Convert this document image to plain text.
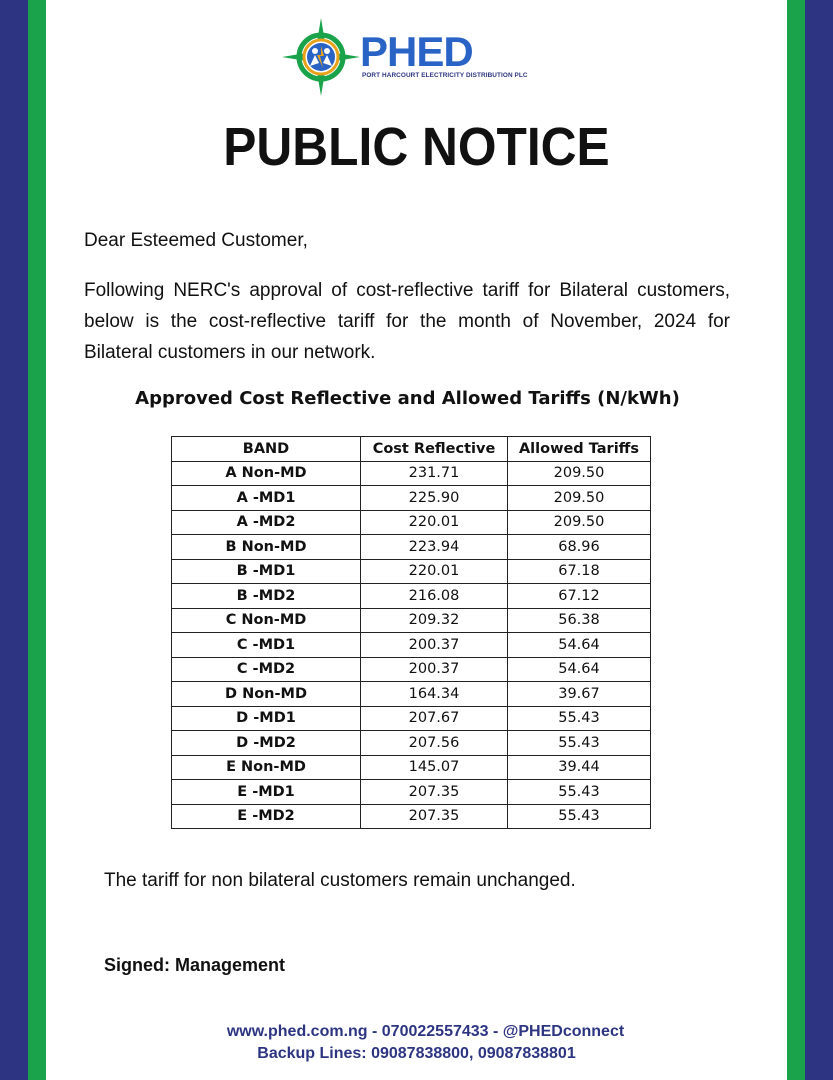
PHED
PORT HARCOURT ELECTRICITY DISTRIBUTION PLC
PUBLIC NOTICE
Dear Esteemed Customer,
Following NERC's approval of cost-reflective tariff for Bilateral customers, below is the cost-reflective tariff for the month of November, 2024 for Bilateral customers in our network.
Approved Cost Reflective and Allowed Tariffs (N/kWh)
BAND	Cost Reflective	Allowed Tariffs
A Non-MD	231.71	209.50
A -MD1	225.90	209.50
A -MD2	220.01	209.50
B Non-MD	223.94	68.96
B -MD1	220.01	67.18
B -MD2	216.08	67.12
C Non-MD	209.32	56.38
C -MD1	200.37	54.64
C -MD2	200.37	54.64
D Non-MD	164.34	39.67
D -MD1	207.67	55.43
D -MD2	207.56	55.43
E Non-MD	145.07	39.44
E -MD1	207.35	55.43
E -MD2	207.35	55.43
The tariff for non bilateral customers remain unchanged.
Signed: Management
www.phed.com.ng - 070022557433 - @PHEDconnect
Backup Lines: 09087838800, 09087838801
